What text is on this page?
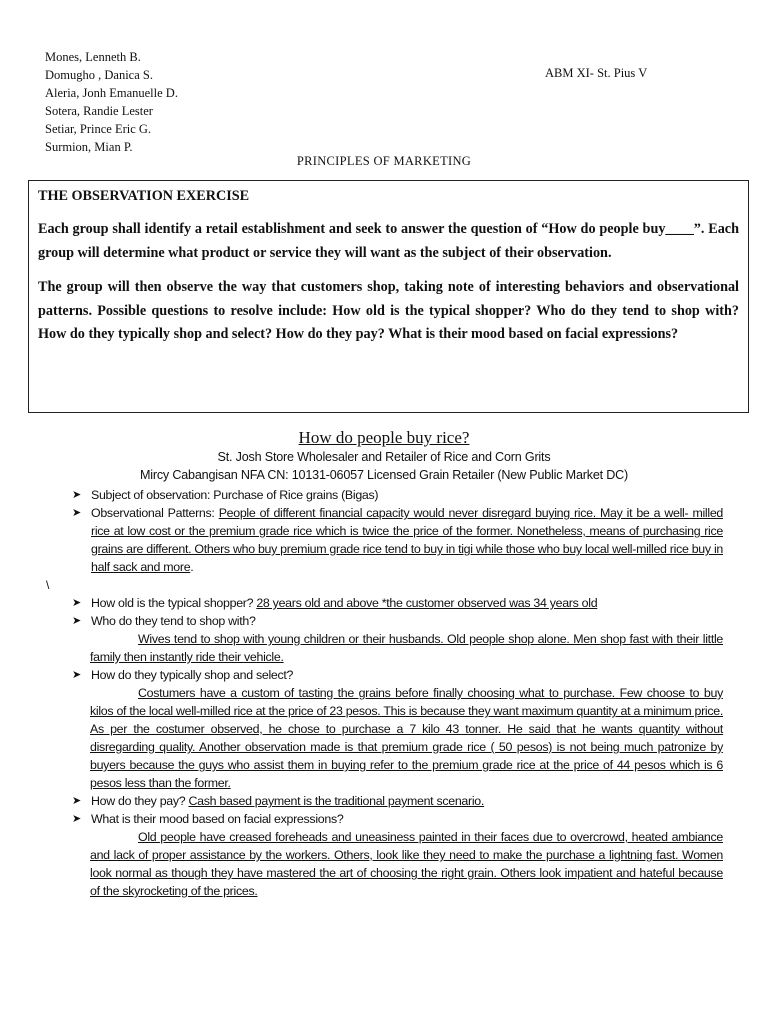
Mones, Lenneth B.
Domugho , Danica S.
Aleria, Jonh Emanuelle D.
Sotera, Randie Lester
Setiar, Prince Eric G.
Surmion, Mian P.
ABM XI- St. Pius V
PRINCIPLES OF MARKETING
THE OBSERVATION EXERCISE

Each group shall identify a retail establishment and seek to answer the question of “How do people buy____”. Each group will determine what product or service they will want as the subject of their observation.

The group will then observe the way that customers shop, taking note of interesting behaviors and observational patterns. Possible questions to resolve include: How old is the typical shopper? Who do they tend to shop with? How do they typically shop and select? How do they pay? What is their mood based on facial expressions?

How do people buy rice?
St. Josh Store Wholesaler and Retailer of Rice and Corn Grits
Mircy Cabangisan NFA CN: 10131-06057 Licensed Grain Retailer (New Public Market DC)
➤ Subject of observation: Purchase of Rice grains (Bigas)
➤ Observational Patterns: People of different financial capacity would never disregard buying rice. May it be a well- milled rice at low cost or the premium grade rice which is twice the price of the former. Nonetheless, means of purchasing rice grains are different. Others who buy premium grade rice tend to buy in tigi while those who buy local well-milled rice buy in half sack and more.
\
➤ How old is the typical shopper? 28 years old and above *the customer observed was 34 years old
➤ Who do they tend to shop with?
Wives tend to shop with young children or their husbands. Old people shop alone. Men shop fast with their little family then instantly ride their vehicle.
➤ How do they typically shop and select?
Costumers have a custom of tasting the grains before finally choosing what to purchase. Few choose to buy kilos of the local well-milled rice at the price of 23 pesos. This is because they want maximum quantity at a minimum price. As per the costumer observed, he chose to purchase a 7 kilo 43 tonner. He said that he wants quantity without disregarding quality. Another observation made is that premium grade rice ( 50 pesos) is not being much patronize by buyers because the guys who assist them in buying refer to the premium grade rice at the price of 44 pesos which is 6 pesos less than the former.
➤ How do they pay? Cash based payment is the traditional payment scenario.
➤ What is their mood based on facial expressions?
Old people have creased foreheads and uneasiness painted in their faces due to overcrowd, heated ambiance and lack of proper assistance by the workers. Others, look like they need to make the purchase a lightning fast. Women look normal as though they have mastered the art of choosing the right grain. Others look impatient and hateful because of the skyrocketing of the prices.
